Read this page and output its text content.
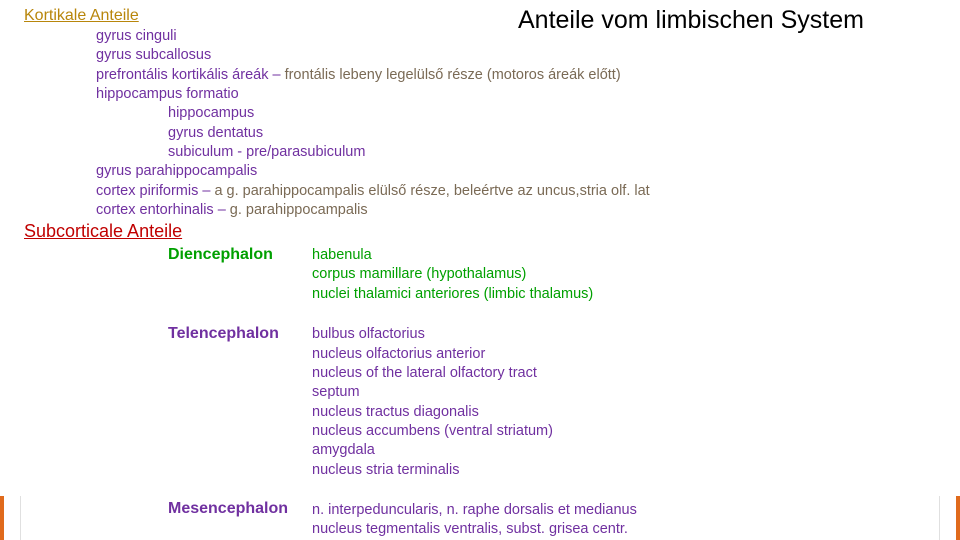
Anteile vom limbischen System
Kortikale Anteile
gyrus cinguli
gyrus subcallosus
prefrontális kortikális áreák – frontális lebeny legelülső része (motoros áreák előtt)
hippocampus formatio
hippocampus
gyrus dentatus
subiculum - pre/parasubiculum
gyrus parahippocampalis
cortex piriformis – a g. parahippocampalis elülső része, beleértve az uncus,stria olf. lat
cortex entorhinalis – g. parahippocampalis
Subcorticale Anteile
Diencephalon	habenula
corpus mamillare (hypothalamus)
nuclei thalamici anteriores (limbic thalamus)
Telencephalon bulbus olfactorius
nucleus olfactorius anterior
nucleus of the lateral olfactory tract
septum
nucleus tractus diagonalis
nucleus accumbens (ventral striatum)
amygdala
nucleus stria terminalis
Mesencephalon n. interpeduncularis, n. raphe dorsalis et medianus
nucleus tegmentalis ventralis, subst. grisea centr.
